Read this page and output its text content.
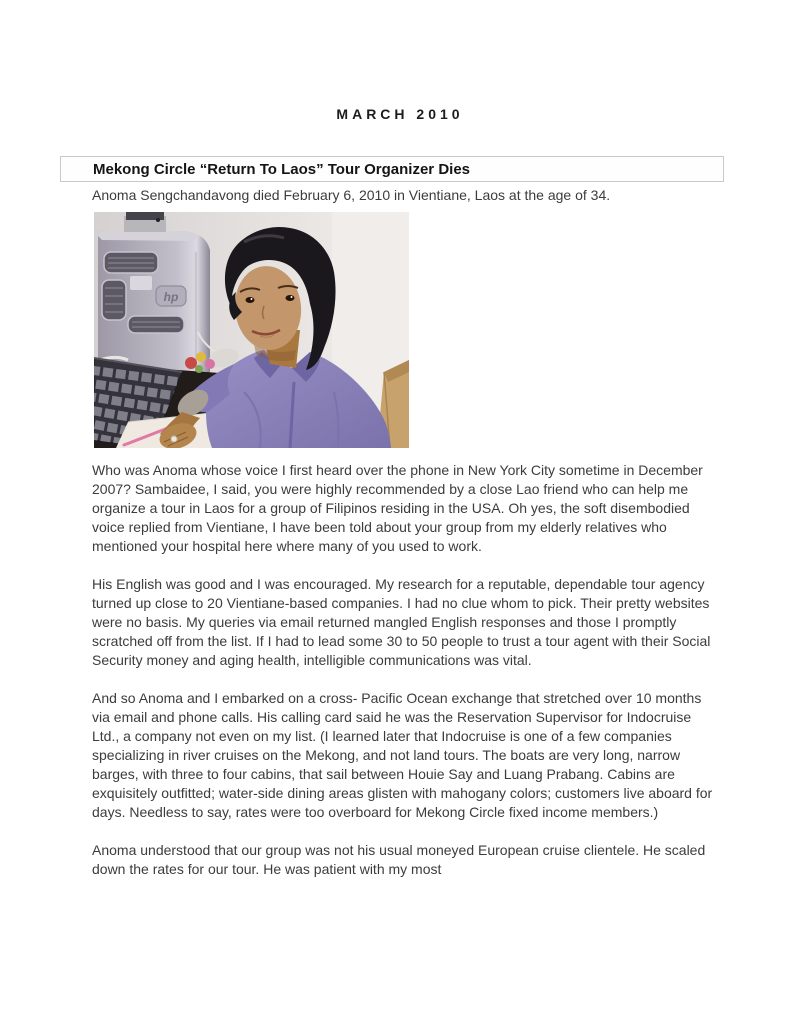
MARCH 2010
Mekong Circle “Return To Laos” Tour Organizer Dies

Anoma Sengchandavong died February 6, 2010 in Vientiane, Laos at the age of 34.

hp

Who was Anoma whose voice I first heard over the phone in New York City sometime in December 2007? Sambaidee, I said, you were highly recommended by a close Lao friend who can help me organize a tour in Laos for a group of Filipinos residing in the USA. Oh yes, the soft disembodied voice replied from Vientiane, I have been told about your group from my elderly relatives who mentioned your hospital here where many of you used to work.

His English was good and I was encouraged. My research for a reputable, dependable tour agency turned up close to 20 Vientiane-based companies. I had no clue whom to pick. Their pretty websites were no basis. My queries via email returned mangled English responses and those I promptly scratched off from the list. If I had to lead some 30 to 50 people to trust a tour agent with their Social Security money and aging health, intelligible communications was vital.

And so Anoma and I embarked on a cross- Pacific Ocean exchange that stretched over 10 months via email and phone calls. His calling card said he was the Reservation Supervisor for Indocruise Ltd., a company not even on my list. (I learned later that Indocruise is one of a few companies specializing in river cruises on the Mekong, and not land tours. The boats are very long, narrow barges, with three to four cabins, that sail between Houie Say and Luang Prabang. Cabins are exquisitely outfitted; water-side dining areas glisten with mahogany colors; customers live aboard for days. Needless to say, rates were too overboard for Mekong Circle fixed income members.)

Anoma understood that our group was not his usual moneyed European cruise clientele. He scaled down the rates for our tour. He was patient with my most
